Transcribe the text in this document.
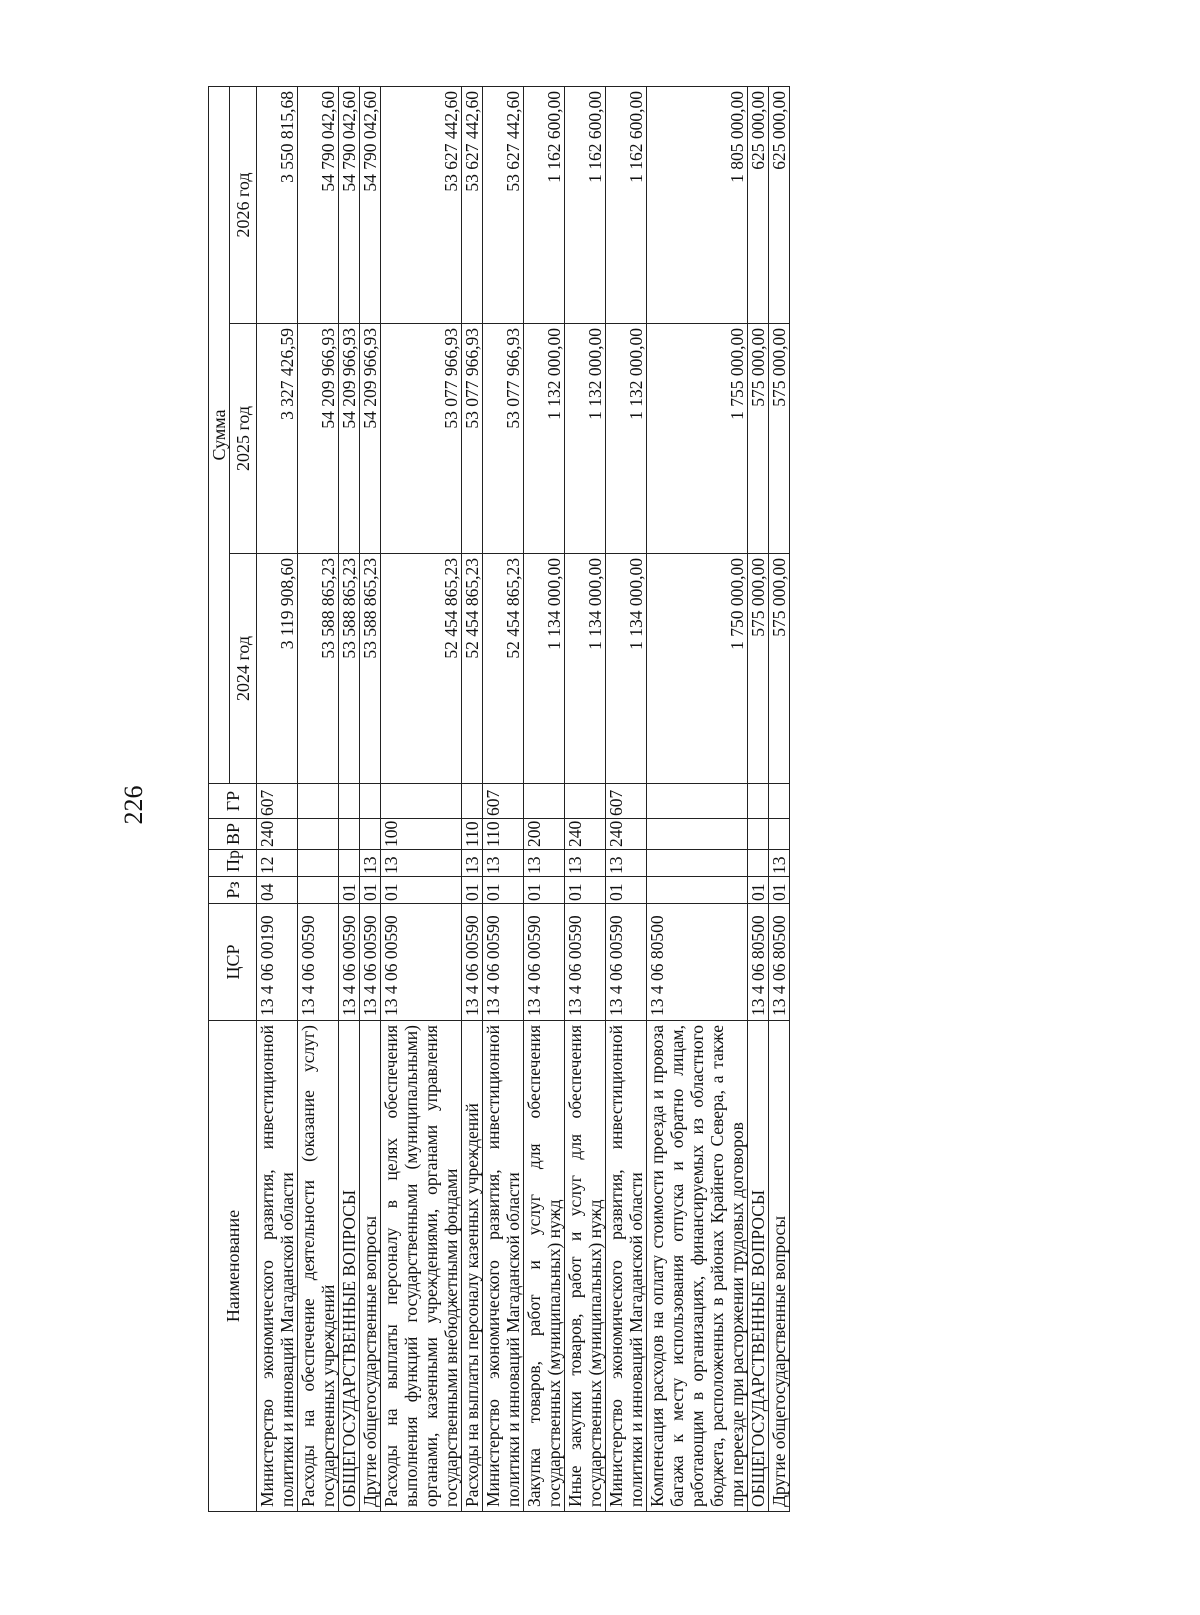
226
Наименование	ЦСР	Рз	Пр	ВР	ГР	Сумма		
						2024 год	2025 год	2026 год
Министерство экономического развития, инвестиционной политики и инноваций Магаданской области	13 4 06 00190	04	12	240	607	3 119 908,60	3 327 426,59	3 550 815,68
Расходы на обеспечение деятельности (оказание услуг) государственных учреждений	13 4 06 00590					53 588 865,23	54 209 966,93	54 790 042,60
ОБЩЕГОСУДАРСТВЕННЫЕ ВОПРОСЫ	13 4 06 00590	01				53 588 865,23	54 209 966,93	54 790 042,60
Другие общегосударственные вопросы	13 4 06 00590	01	13			53 588 865,23	54 209 966,93	54 790 042,60
Расходы на выплаты персоналу в целях обеспечения выполнения функций государственными (муниципальными) органами, казенными учреждениями, органами управления государственными внебюджетными фондами	13 4 06 00590	01	13	100		52 454 865,23	53 077 966,93	53 627 442,60
Расходы на выплаты персоналу казенных учреждений	13 4 06 00590	01	13	110		52 454 865,23	53 077 966,93	53 627 442,60
Министерство экономического развития, инвестиционной политики и инноваций Магаданской области	13 4 06 00590	01	13	110	607	52 454 865,23	53 077 966,93	53 627 442,60
Закупка товаров, работ и услуг для обеспечения государственных (муниципальных) нужд	13 4 06 00590	01	13	200		1 134 000,00	1 132 000,00	1 162 600,00
Иные закупки товаров, работ и услуг для обеспечения государственных (муниципальных) нужд	13 4 06 00590	01	13	240		1 134 000,00	1 132 000,00	1 162 600,00
Министерство экономического развития, инвестиционной политики и инноваций Магаданской области	13 4 06 00590	01	13	240	607	1 134 000,00	1 132 000,00	1 162 600,00
Компенсация расходов на оплату стоимости проезда и провоза багажа к месту использования отпуска и обратно лицам, работающим в организациях, финансируемых из областного бюджета, расположенных в районах Крайнего Севера, а также при переезде при расторжении трудовых договоров	13 4 06 80500					1 750 000,00	1 755 000,00	1 805 000,00
ОБЩЕГОСУДАРСТВЕННЫЕ ВОПРОСЫ	13 4 06 80500	01				575 000,00	575 000,00	625 000,00
Другие общегосударственные вопросы	13 4 06 80500	01	13			575 000,00	575 000,00	625 000,00
